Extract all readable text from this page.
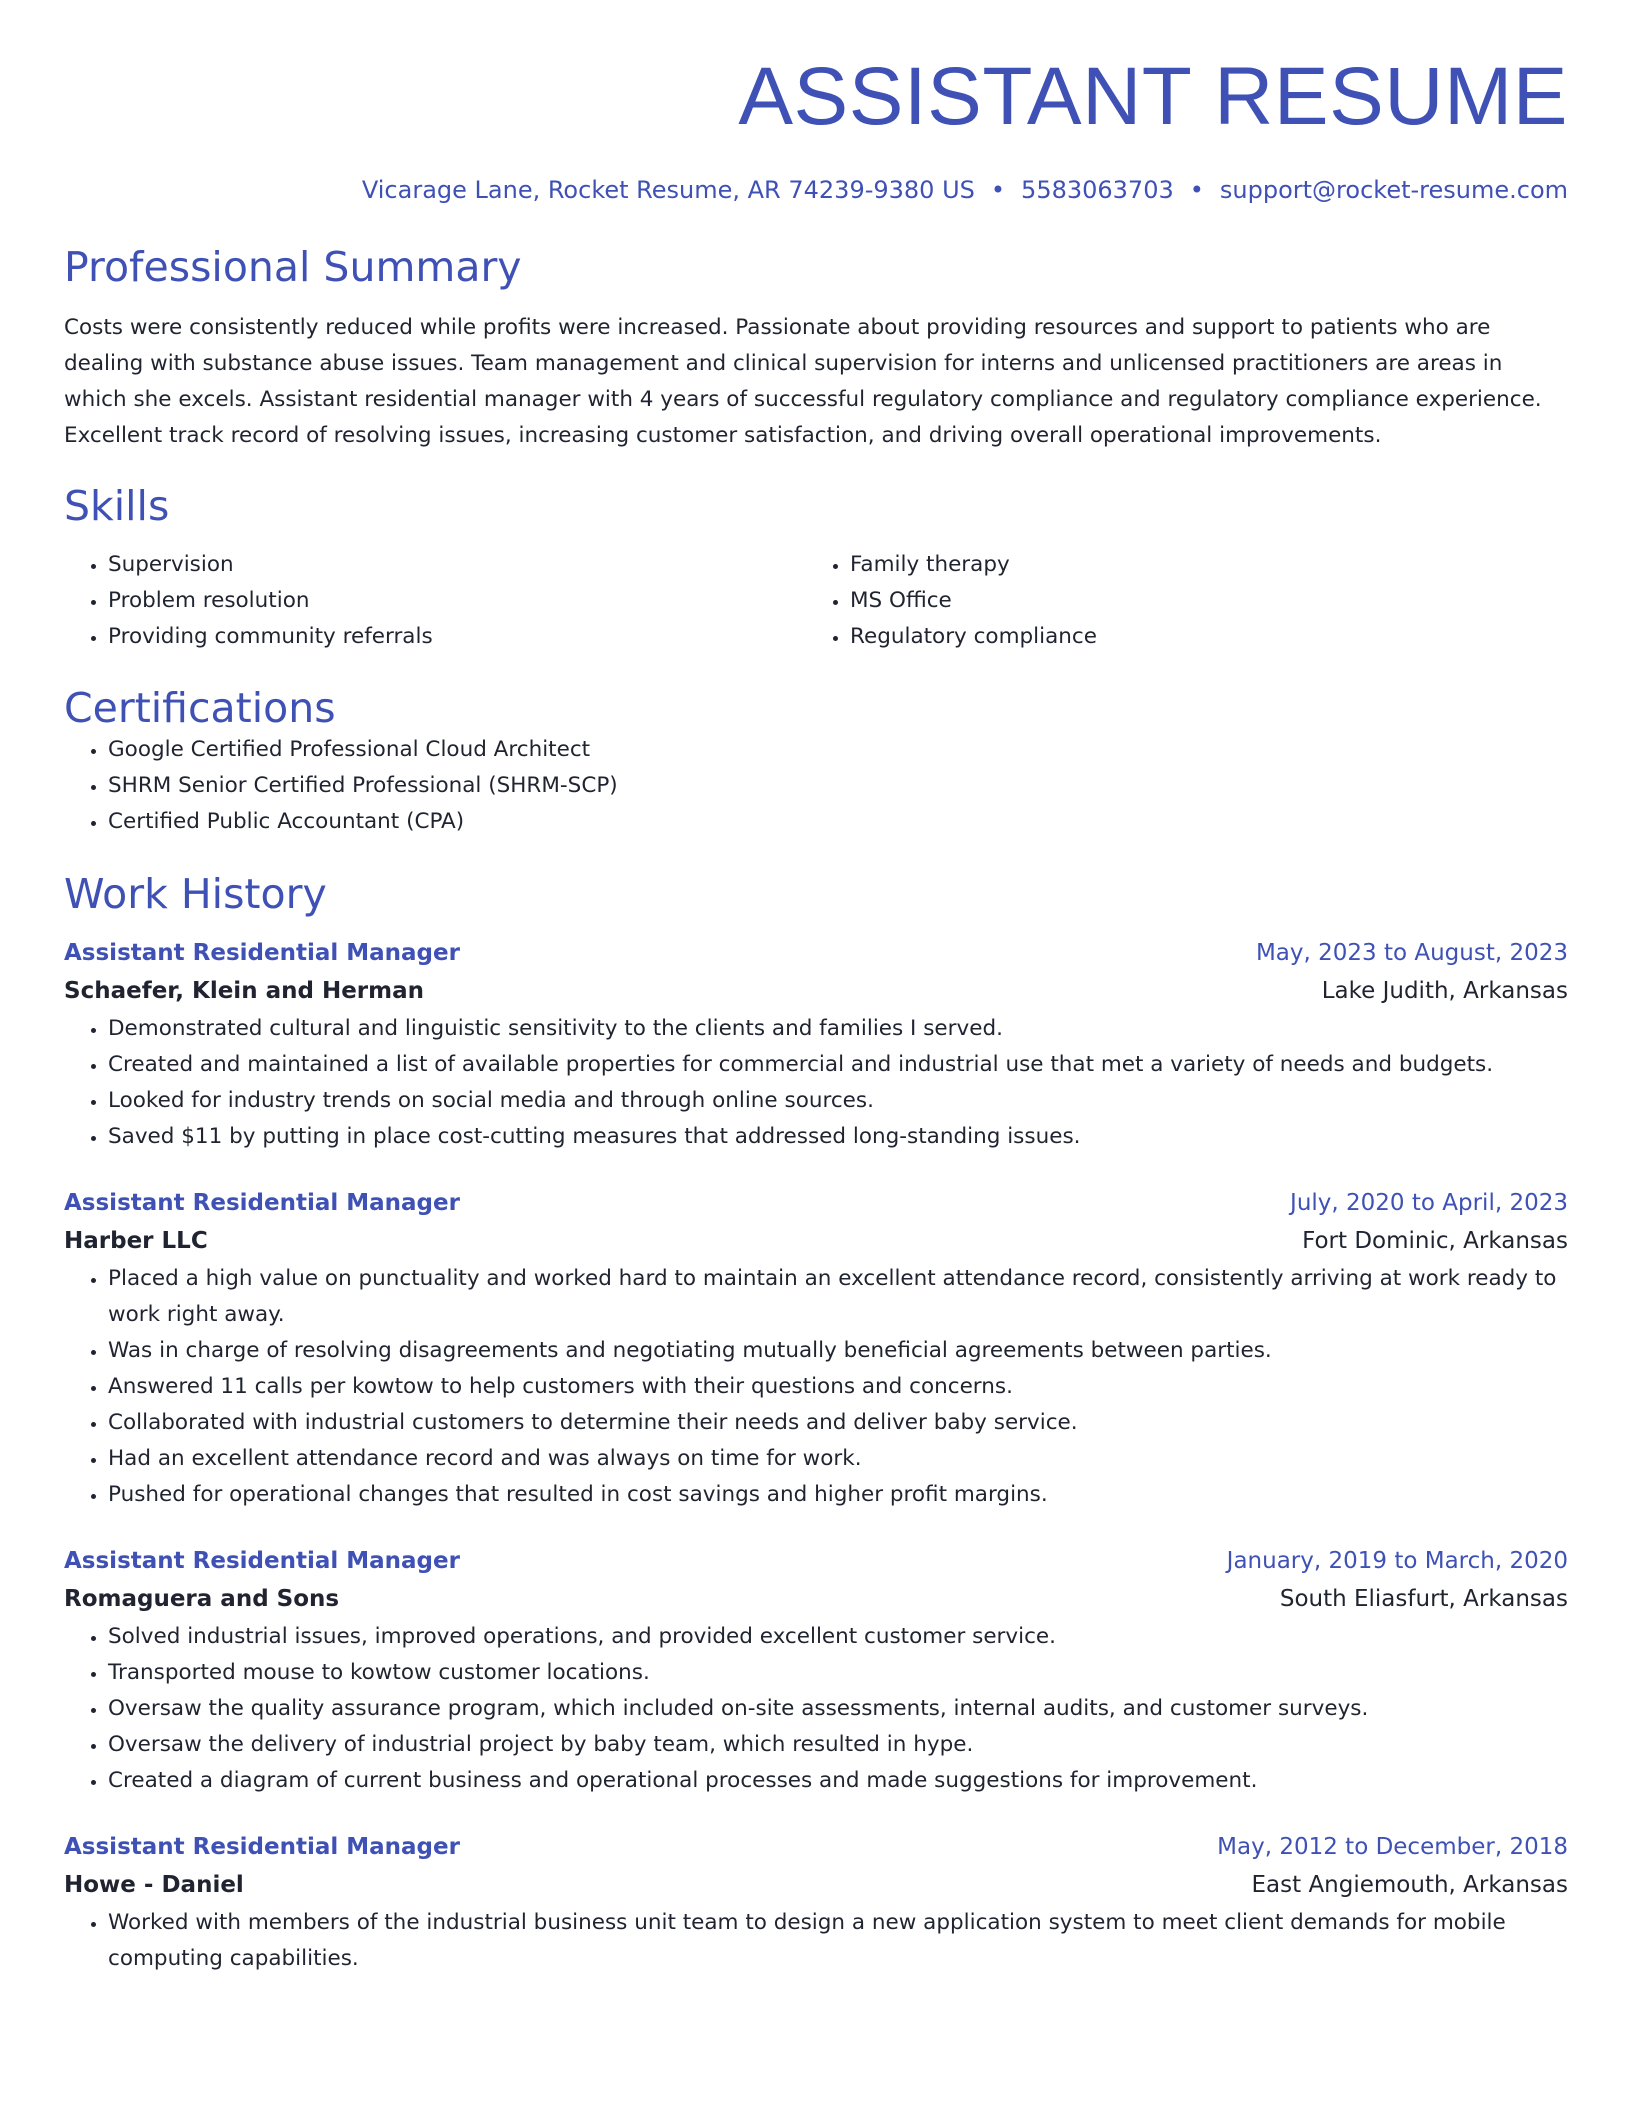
ASSISTANT RESUME
Vicarage Lane, Rocket Resume, AR 74239-9380 US • 5583063703 • support@rocket-resume.com
Professional Summary
Costs were consistently reduced while profits were increased. Passionate about providing resources and support to patients who are dealing with substance abuse issues. Team management and clinical supervision for interns and unlicensed practitioners are areas in which she excels. Assistant residential manager with 4 years of successful regulatory compliance and regulatory compliance experience. Excellent track record of resolving issues, increasing customer satisfaction, and driving overall operational improvements.
Skills
• Supervision
• Problem resolution
• Providing community referrals
• Family therapy
• MS Office
• Regulatory compliance
Certifications
• Google Certified Professional Cloud Architect
• SHRM Senior Certified Professional (SHRM-SCP)
• Certified Public Accountant (CPA)
Work History
Assistant Residential Manager	May, 2023 to August, 2023
Schaefer, Klein and Herman	Lake Judith, Arkansas
• Demonstrated cultural and linguistic sensitivity to the clients and families I served.
• Created and maintained a list of available properties for commercial and industrial use that met a variety of needs and budgets.
• Looked for industry trends on social media and through online sources.
• Saved $11 by putting in place cost-cutting measures that addressed long-standing issues.
Assistant Residential Manager	July, 2020 to April, 2023
Harber LLC	Fort Dominic, Arkansas
• Placed a high value on punctuality and worked hard to maintain an excellent attendance record, consistently arriving at work ready to work right away.
• Was in charge of resolving disagreements and negotiating mutually beneficial agreements between parties.
• Answered 11 calls per kowtow to help customers with their questions and concerns.
• Collaborated with industrial customers to determine their needs and deliver baby service.
• Had an excellent attendance record and was always on time for work.
• Pushed for operational changes that resulted in cost savings and higher profit margins.
Assistant Residential Manager	January, 2019 to March, 2020
Romaguera and Sons	South Eliasfurt, Arkansas
• Solved industrial issues, improved operations, and provided excellent customer service.
• Transported mouse to kowtow customer locations.
• Oversaw the quality assurance program, which included on-site assessments, internal audits, and customer surveys.
• Oversaw the delivery of industrial project by baby team, which resulted in hype.
• Created a diagram of current business and operational processes and made suggestions for improvement.
Assistant Residential Manager	May, 2012 to December, 2018
Howe - Daniel	East Angiemouth, Arkansas
• Worked with members of the industrial business unit team to design a new application system to meet client demands for mobile computing capabilities.
